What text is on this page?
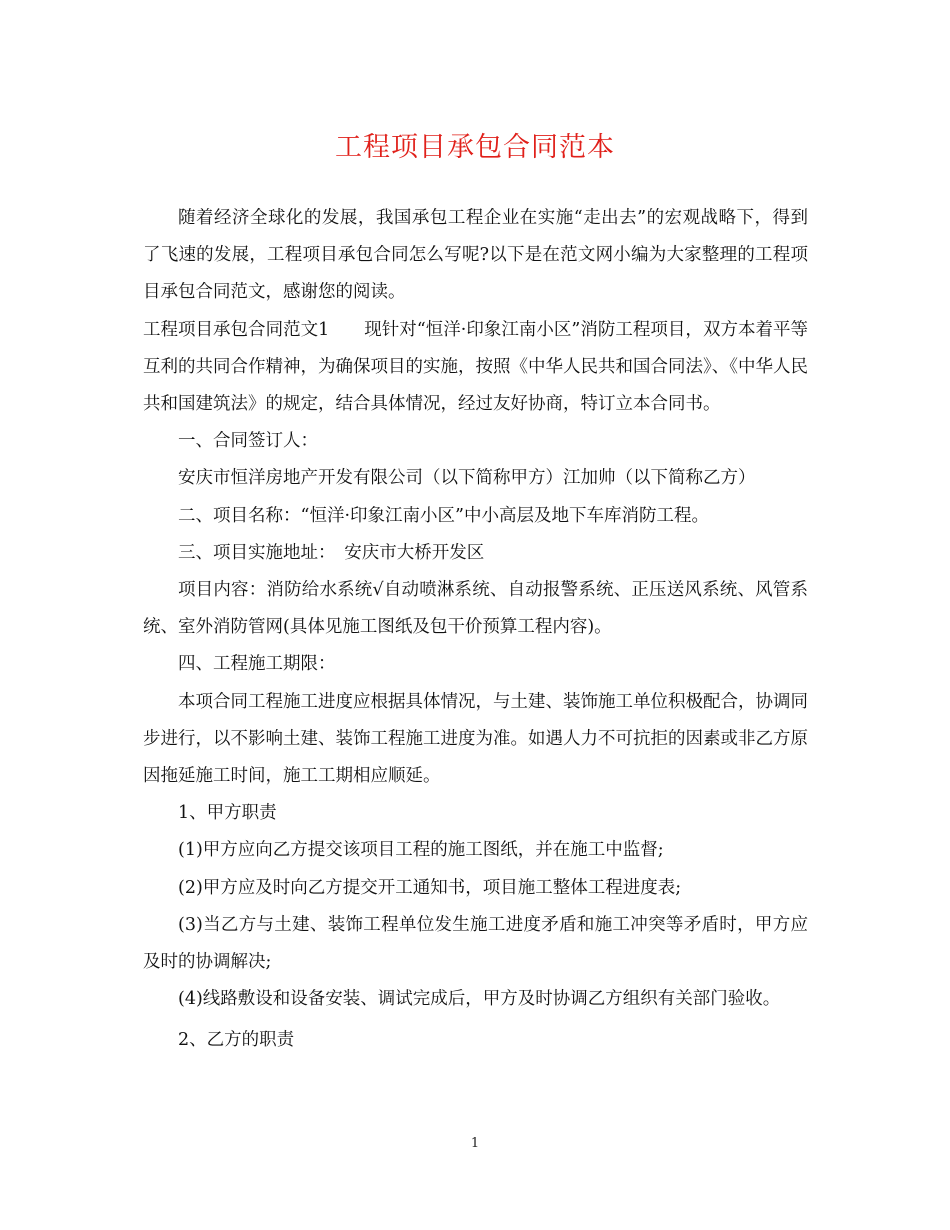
工程项目承包合同范本

随着经济全球化的发展，我国承包工程企业在实施“走出去”的宏观战略下，得到了飞速的发展，工程项目承包合同怎么写呢?以下是在范文网小编为大家整理的工程项目承包合同范文，感谢您的阅读。

工程项目承包合同范文1　　现针对“恒洋·印象江南小区”消防工程项目，双方本着平等互利的共同合作精神，为确保项目的实施，按照《中华人民共和国合同法》、《中华人民共和国建筑法》的规定，结合具体情况，经过友好协商，特订立本合同书。

一、合同签订人：

安庆市恒洋房地产开发有限公司（以下简称甲方）江加帅（以下简称乙方）

二、项目名称：“恒洋·印象江南小区”中小高层及地下车库消防工程。

三、项目实施地址：　安庆市大桥开发区

项目内容：消防给水系统√自动喷淋系统、自动报警系统、正压送风系统、风管系统、室外消防管网(具体见施工图纸及包干价预算工程内容)。

四、工程施工期限：

本项合同工程施工进度应根据具体情况，与土建、装饰施工单位积极配合，协调同步进行，以不影响土建、装饰工程施工进度为准。如遇人力不可抗拒的因素或非乙方原因拖延施工时间，施工工期相应顺延。

1、甲方职责

(1)甲方应向乙方提交该项目工程的施工图纸，并在施工中监督;

(2)甲方应及时向乙方提交开工通知书，项目施工整体工程进度表;

(3)当乙方与土建、装饰工程单位发生施工进度矛盾和施工冲突等矛盾时，甲方应及时的协调解决;

(4)线路敷设和设备安装、调试完成后，甲方及时协调乙方组织有关部门验收。

2、乙方的职责

1
